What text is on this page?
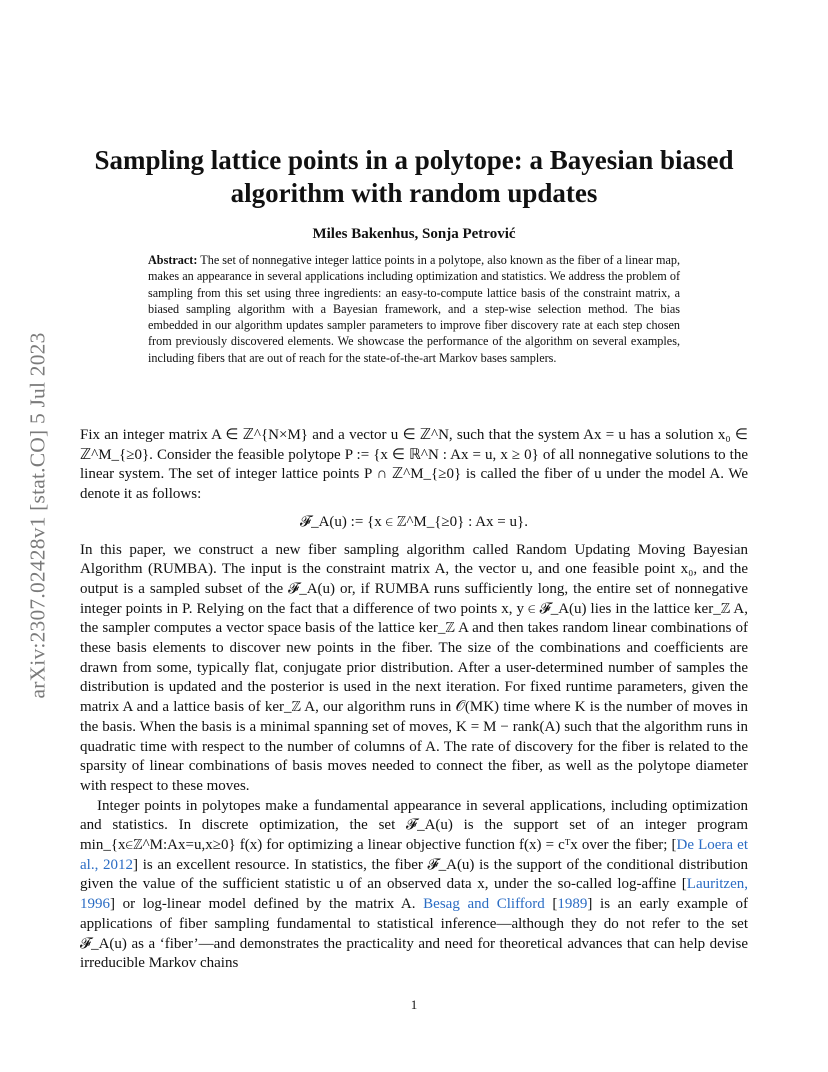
arXiv:2307.02428v1 [stat.CO] 5 Jul 2023
Sampling lattice points in a polytope: a Bayesian biased algorithm with random updates
Miles Bakenhus, Sonja Petrović

Abstract: The set of nonnegative integer lattice points in a polytope, also known as the fiber of a linear map, makes an appearance in several applications including optimization and statistics. We address the problem of sampling from this set using three ingredients: an easy-to-compute lattice basis of the constraint matrix, a biased sampling algorithm with a Bayesian framework, and a step-wise selection method. The bias embedded in our algorithm updates sampler parameters to improve fiber discovery rate at each step chosen from previously discovered elements. We showcase the performance of the algorithm on several examples, including fibers that are out of reach for the state-of-the-art Markov bases samplers.

Fix an integer matrix A ∈ ℤ^{N×M} and a vector u ∈ ℤ^N, such that the system Ax = u has a solution x₀ ∈ ℤ^M_{≥0}. Consider the feasible polytope P := {x ∈ ℝ^N : Ax = u, x ≥ 0} of all nonnegative solutions to the linear system. The set of integer lattice points P ∩ ℤ^M_{≥0} is called the fiber of u under the model A. We denote it as follows:

𝓕_A(u) := {x ∈ ℤ^M_{≥0} : Ax = u}.

In this paper, we construct a new fiber sampling algorithm called Random Updating Moving Bayesian Algorithm (RUMBA). The input is the constraint matrix A, the vector u, and one feasible point x₀, and the output is a sampled subset of the 𝓕_A(u) or, if RUMBA runs sufficiently long, the entire set of nonnegative integer points in P. Relying on the fact that a difference of two points x, y ∈ 𝓕_A(u) lies in the lattice ker_ℤ A, the sampler computes a vector space basis of the lattice ker_ℤ A and then takes random linear combinations of these basis elements to discover new points in the fiber. The size of the combinations and coefficients are drawn from some, typically flat, conjugate prior distribution. After a user-determined number of samples the distribution is updated and the posterior is used in the next iteration. For fixed runtime parameters, given the matrix A and a lattice basis of ker_ℤ A, our algorithm runs in 𝒪(MK) time where K is the number of moves in the basis. When the basis is a minimal spanning set of moves, K = M − rank(A) such that the algorithm runs in quadratic time with respect to the number of columns of A. The rate of discovery for the fiber is related to the sparsity of linear combinations of basis moves needed to connect the fiber, as well as the polytope diameter with respect to these moves.

Integer points in polytopes make a fundamental appearance in several applications, including optimization and statistics. In discrete optimization, the set 𝓕_A(u) is the support set of an integer program min_{x∈ℤ^M:Ax=u,x≥0} f(x) for optimizing a linear objective function f(x) = cᵀx over the fiber; [De Loera et al., 2012] is an excellent resource. In statistics, the fiber 𝓕_A(u) is the support of the conditional distribution given the value of the sufficient statistic u of an observed data x, under the so-called log-affine [Lauritzen, 1996] or log-linear model defined by the matrix A. Besag and Clifford [1989] is an early example of applications of fiber sampling fundamental to statistical inference—although they do not refer to the set 𝓕_A(u) as a ‘fiber’—and demonstrates the practicality and need for theoretical advances that can help devise irreducible Markov chains

1
